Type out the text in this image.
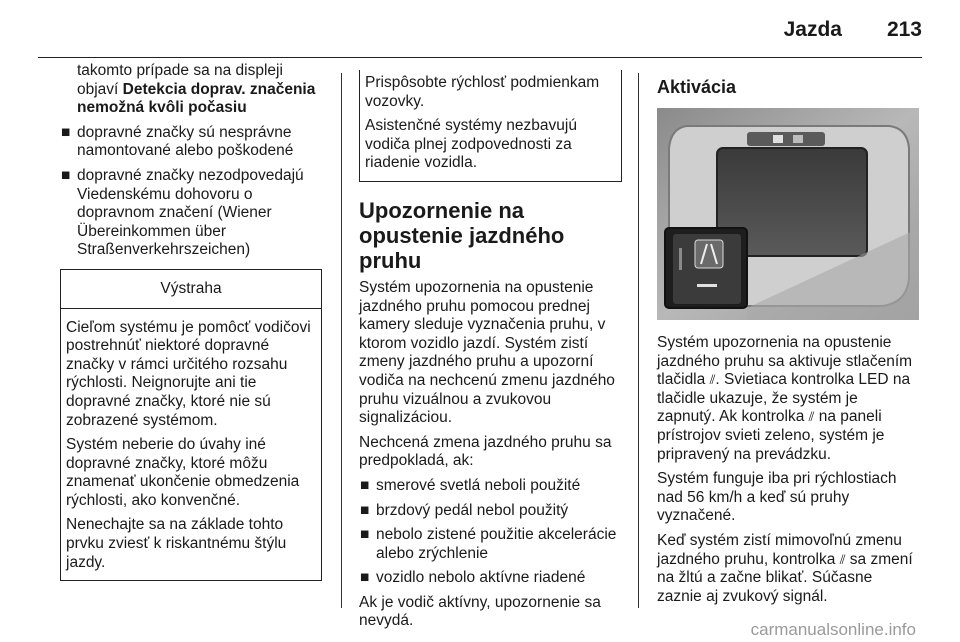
Jazda 213
takomto prípade sa na displeji
objaví Detekcia doprav. značenia
nemožná kvôli počasiu
■ dopravné značky sú nesprávne namontované alebo poškodené
■ dopravné značky nezodpovedajú Viedenskému dohovoru o dopravnom značení (Wiener Übereinkommen über Straßenverkehrszeichen)
Výstraha

Cieľom systému je pomôcť vodičovi postrehnúť niektoré dopravné značky v rámci určitého rozsahu rýchlosti. Neignorujte ani tie dopravné značky, ktoré nie sú zobrazené systémom.

Systém neberie do úvahy iné dopravné značky, ktoré môžu znamenať ukončenie obmedzenia rýchlosti, ako konvenčné.

Nenechajte sa na základe tohto prvku zviesť k riskantnému štýlu jazdy.

Prispôsobte rýchlosť podmienkam vozovky.

Asistenčné systémy nezbavujú vodiča plnej zodpovednosti za riadenie vozidla.

Upozornenie na opustenie jazdného pruhu

Systém upozornenia na opustenie jazdného pruhu pomocou prednej kamery sleduje vyznačenia pruhu, v ktorom vozidlo jazdí. Systém zistí zmeny jazdného pruhu a upozorní vodiča na nechcenú zmenu jazdného pruhu vizuálnou a zvukovou signalizáciou.

Nechcená zmena jazdného pruhu sa predpokladá, ak:

■ smerové svetlá neboli použité
■ brzdový pedál nebol použitý
■ nebolo zistené použitie akcelerácie alebo zrýchlenie
■ vozidlo nebolo aktívne riadené

Ak je vodič aktívny, upozornenie sa nevydá.

Aktivácia

Systém upozornenia na opustenie jazdného pruhu sa aktivuje stlačením tlačidla ⫽. Svietiaca kontrolka LED na tlačidle ukazuje, že systém je zapnutý. Ak kontrolka ⫽ na paneli prístrojov svieti zeleno, systém je pripravený na prevádzku.

Systém funguje iba pri rýchlostiach nad 56 km/h a keď sú pruhy vyznačené.

Keď systém zistí mimovoľnú zmenu jazdného pruhu, kontrolka ⫽ sa zmení na žltú a začne blikať. Súčasne zaznie aj zvukový signál.

carmanualsonline.info
